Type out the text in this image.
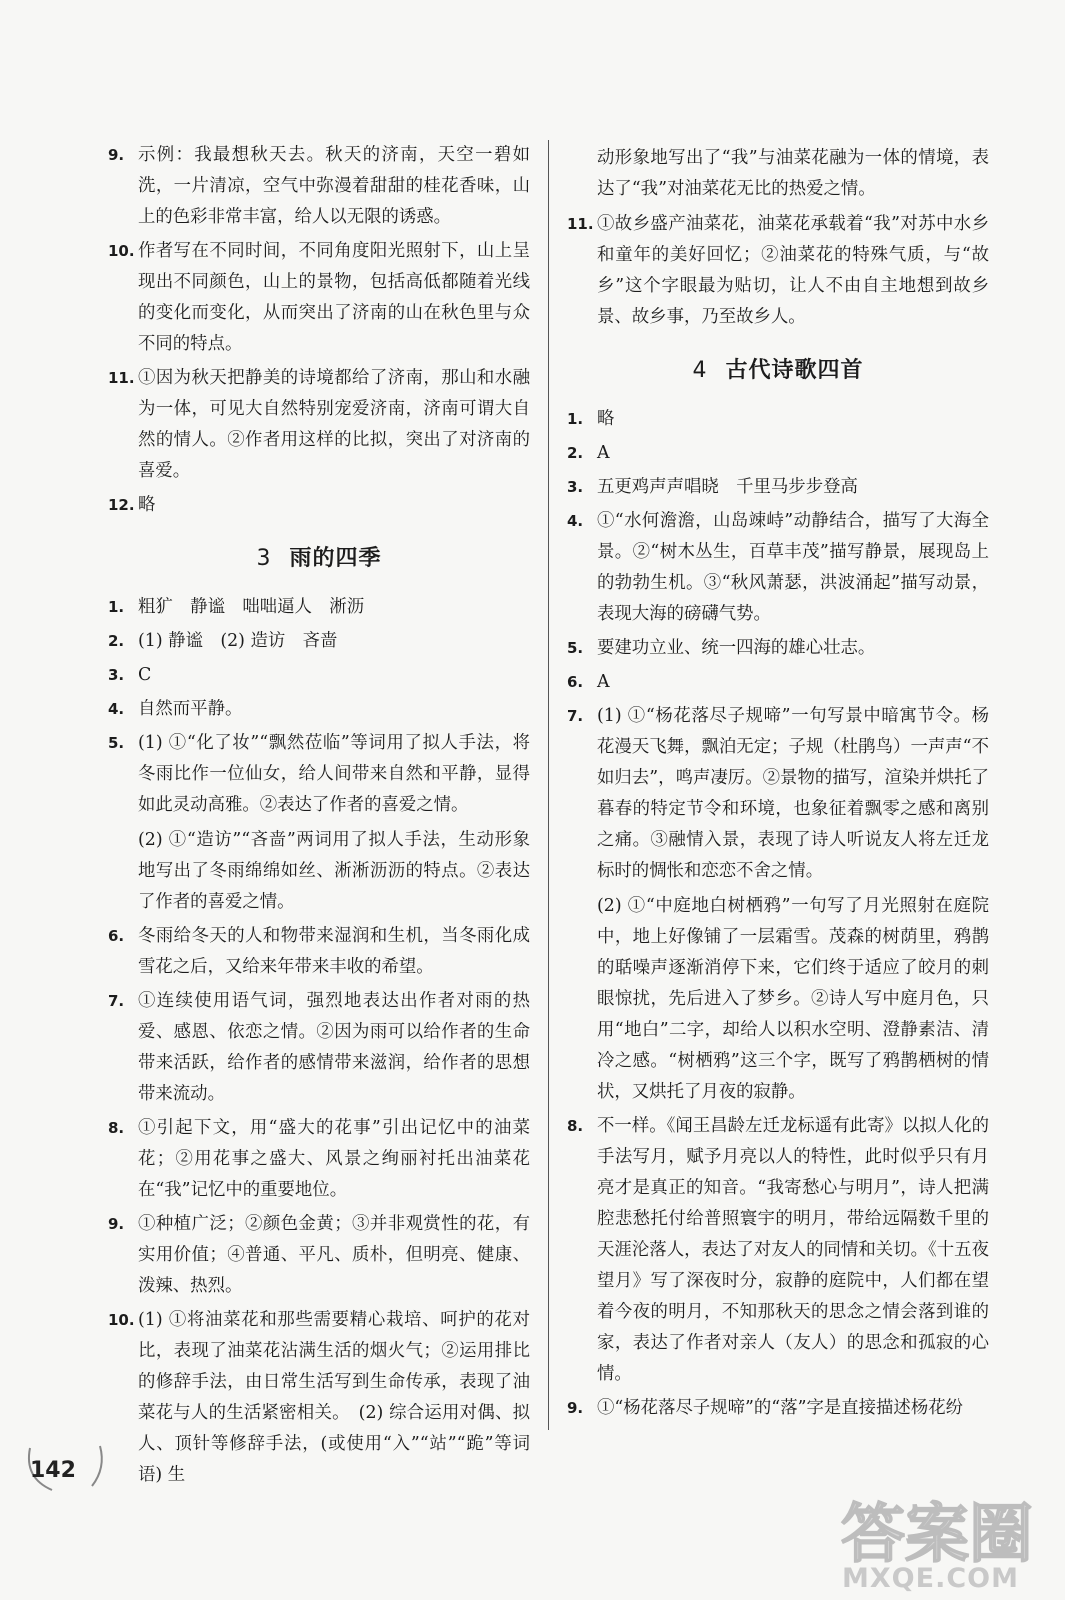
9. 示例：我最想秋天去。秋天的济南，天空一碧如洗，一片清凉，空气中弥漫着甜甜的桂花香味，山上的色彩非常丰富，给人以无限的诱惑。
10. 作者写在不同时间，不同角度阳光照射下，山上呈现出不同颜色，山上的景物，包括高低都随着光线的变化而变化，从而突出了济南的山在秋色里与众不同的特点。
11. ①因为秋天把静美的诗境都给了济南，那山和水融为一体，可见大自然特别宠爱济南，济南可谓大自然的情人。②作者用这样的比拟，突出了对济南的喜爱。
12. 略
3 雨的四季
1. 粗犷　静谧　咄咄逼人　淅沥
2. (1) 静谧　(2) 造访　吝啬
3. C
4. 自然而平静。
5. (1) ①“化了妆”“飘然莅临”等词用了拟人手法，将冬雨比作一位仙女，给人间带来自然和平静，显得如此灵动高雅。②表达了作者的喜爱之情。
(2) ①“造访”“吝啬”两词用了拟人手法，生动形象地写出了冬雨绵绵如丝、淅淅沥沥的特点。②表达了作者的喜爱之情。
6. 冬雨给冬天的人和物带来湿润和生机，当冬雨化成雪花之后，又给来年带来丰收的希望。
7. ①连续使用语气词，强烈地表达出作者对雨的热爱、感恩、依恋之情。②因为雨可以给作者的生命带来活跃，给作者的感情带来滋润，给作者的思想带来流动。
8. ①引起下文，用“盛大的花事”引出记忆中的油菜花；②用花事之盛大、风景之绚丽衬托出油菜花在“我”记忆中的重要地位。
9. ①种植广泛；②颜色金黄；③并非观赏性的花，有实用价值；④普通、平凡、质朴，但明亮、健康、泼辣、热烈。
10. (1) ①将油菜花和那些需要精心栽培、呵护的花对比，表现了油菜花沾满生活的烟火气；②运用排比的修辞手法，由日常生活写到生命传承，表现了油菜花与人的生活紧密相关。　(2) 综合运用对偶、拟人、顶针等修辞手法，(或使用“入”“站”“跪”等词语) 生
动形象地写出了“我”与油菜花融为一体的情境，表达了“我”对油菜花无比的热爱之情。
11. ①故乡盛产油菜花，油菜花承载着“我”对苏中水乡和童年的美好回忆；②油菜花的特殊气质，与“故乡”这个字眼最为贴切，让人不由自主地想到故乡景、故乡事，乃至故乡人。
4 古代诗歌四首
1. 略
2. A
3. 五更鸡声声唱晓　千里马步步登高
4. ①“水何澹澹，山岛竦峙”动静结合，描写了大海全景。②“树木丛生，百草丰茂”描写静景，展现岛上的勃勃生机。③“秋风萧瑟，洪波涌起”描写动景，表现大海的磅礴气势。
5. 要建功立业、统一四海的雄心壮志。
6. A
7. (1) ①“杨花落尽子规啼”一句写景中暗寓节令。杨花漫天飞舞，飘泊无定；子规（杜鹃鸟）一声声“不如归去”，鸣声凄厉。②景物的描写，渲染并烘托了暮春的特定节令和环境，也象征着飘零之感和离别之痛。③融情入景，表现了诗人听说友人将左迁龙标时的惆怅和恋恋不舍之情。
(2) ①“中庭地白树栖鸦”一句写了月光照射在庭院中，地上好像铺了一层霜雪。茂森的树荫里，鸦鹊的聒噪声逐渐消停下来，它们终于适应了皎月的刺眼惊扰，先后进入了梦乡。②诗人写中庭月色，只用“地白”二字，却给人以积水空明、澄静素洁、清冷之感。“树栖鸦”这三个字，既写了鸦鹊栖树的情状，又烘托了月夜的寂静。
8. 不一样。《闻王昌龄左迁龙标遥有此寄》以拟人化的手法写月，赋予月亮以人的特性，此时似乎只有月亮才是真正的知音。“我寄愁心与明月”，诗人把满腔悲愁托付给普照寰宇的明月，带给远隔数千里的天涯沦落人，表达了对友人的同情和关切。《十五夜望月》写了深夜时分，寂静的庭院中，人们都在望着今夜的明月，不知那秋天的思念之情会落到谁的家，表达了作者对亲人（友人）的思念和孤寂的心情。
9. ①“杨花落尽子规啼”的“落”字是直接描述杨花纷
142
答案圈
MXQE.COM
